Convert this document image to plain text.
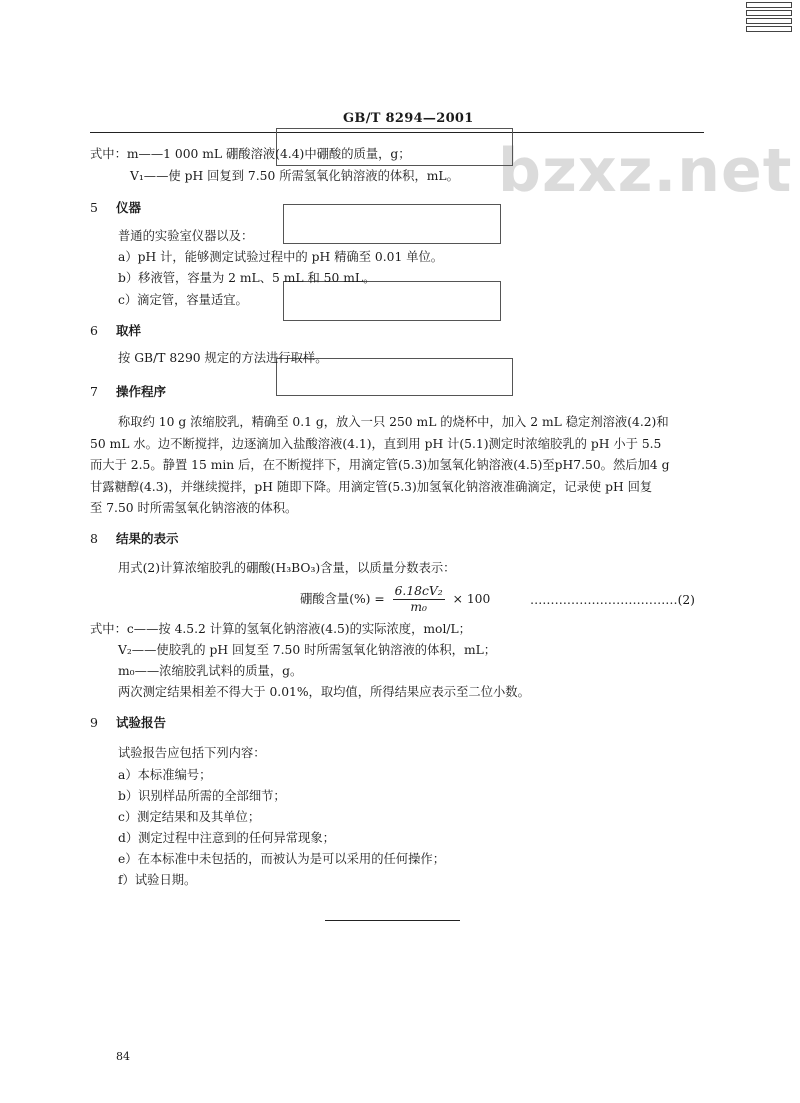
GB/T 8294—2001
bzxz.net
式中：m——1 000 mL 硼酸溶液(4.4)中硼酸的质量，g；
V₁——使 pH 回复到 7.50 所需氢氧化钠溶液的体积，mL。
5 仪器
普通的实验室仪器以及：
a）pH 计，能够测定试验过程中的 pH 精确至 0.01 单位。
b）移液管，容量为 2 mL、5 mL 和 50 mL。
c）滴定管，容量适宜。
6 取样
按 GB/T 8290 规定的方法进行取样。
7 操作程序
称取约 10 g 浓缩胶乳，精确至 0.1 g，放入一只 250 mL 的烧杯中，加入 2 mL 稳定剂溶液(4.2)和
50 mL 水。边不断搅拌，边逐滴加入盐酸溶液(4.1)，直到用 pH 计(5.1)测定时浓缩胶乳的 pH 小于 5.5
而大于 2.5。静置 15 min 后，在不断搅拌下，用滴定管(5.3)加氢氧化钠溶液(4.5)至pH7.50。然后加4 g
甘露糖醇(4.3)，并继续搅拌，pH 随即下降。用滴定管(5.3)加氢氧化钠溶液准确滴定，记录使 pH 回复
至 7.50 时所需氢氧化钠溶液的体积。
8 结果的表示
用式(2)计算浓缩胶乳的硼酸(H₃BO₃)含量，以质量分数表示：
硼酸含量(%) = $\frac{\text{6.18cV₂}}{\text{m₀}} \times 100$	………………………………(2)
式中：c——按 4.5.2 计算的氢氧化钠溶液(4.5)的实际浓度，mol/L；
V₂——使胶乳的 pH 回复至 7.50 时所需氢氧化钠溶液的体积，mL；
m₀——浓缩胶乳试料的质量，g。
两次测定结果相差不得大于 0.01%，取均值，所得结果应表示至二位小数。
9 试验报告
试验报告应包括下列内容：
a）本标准编号；
b）识别样品所需的全部细节；
c）测定结果和及其单位；
d）测定过程中注意到的任何异常现象；
e）在本标准中未包括的，而被认为是可以采用的任何操作；
f）试验日期。
84
